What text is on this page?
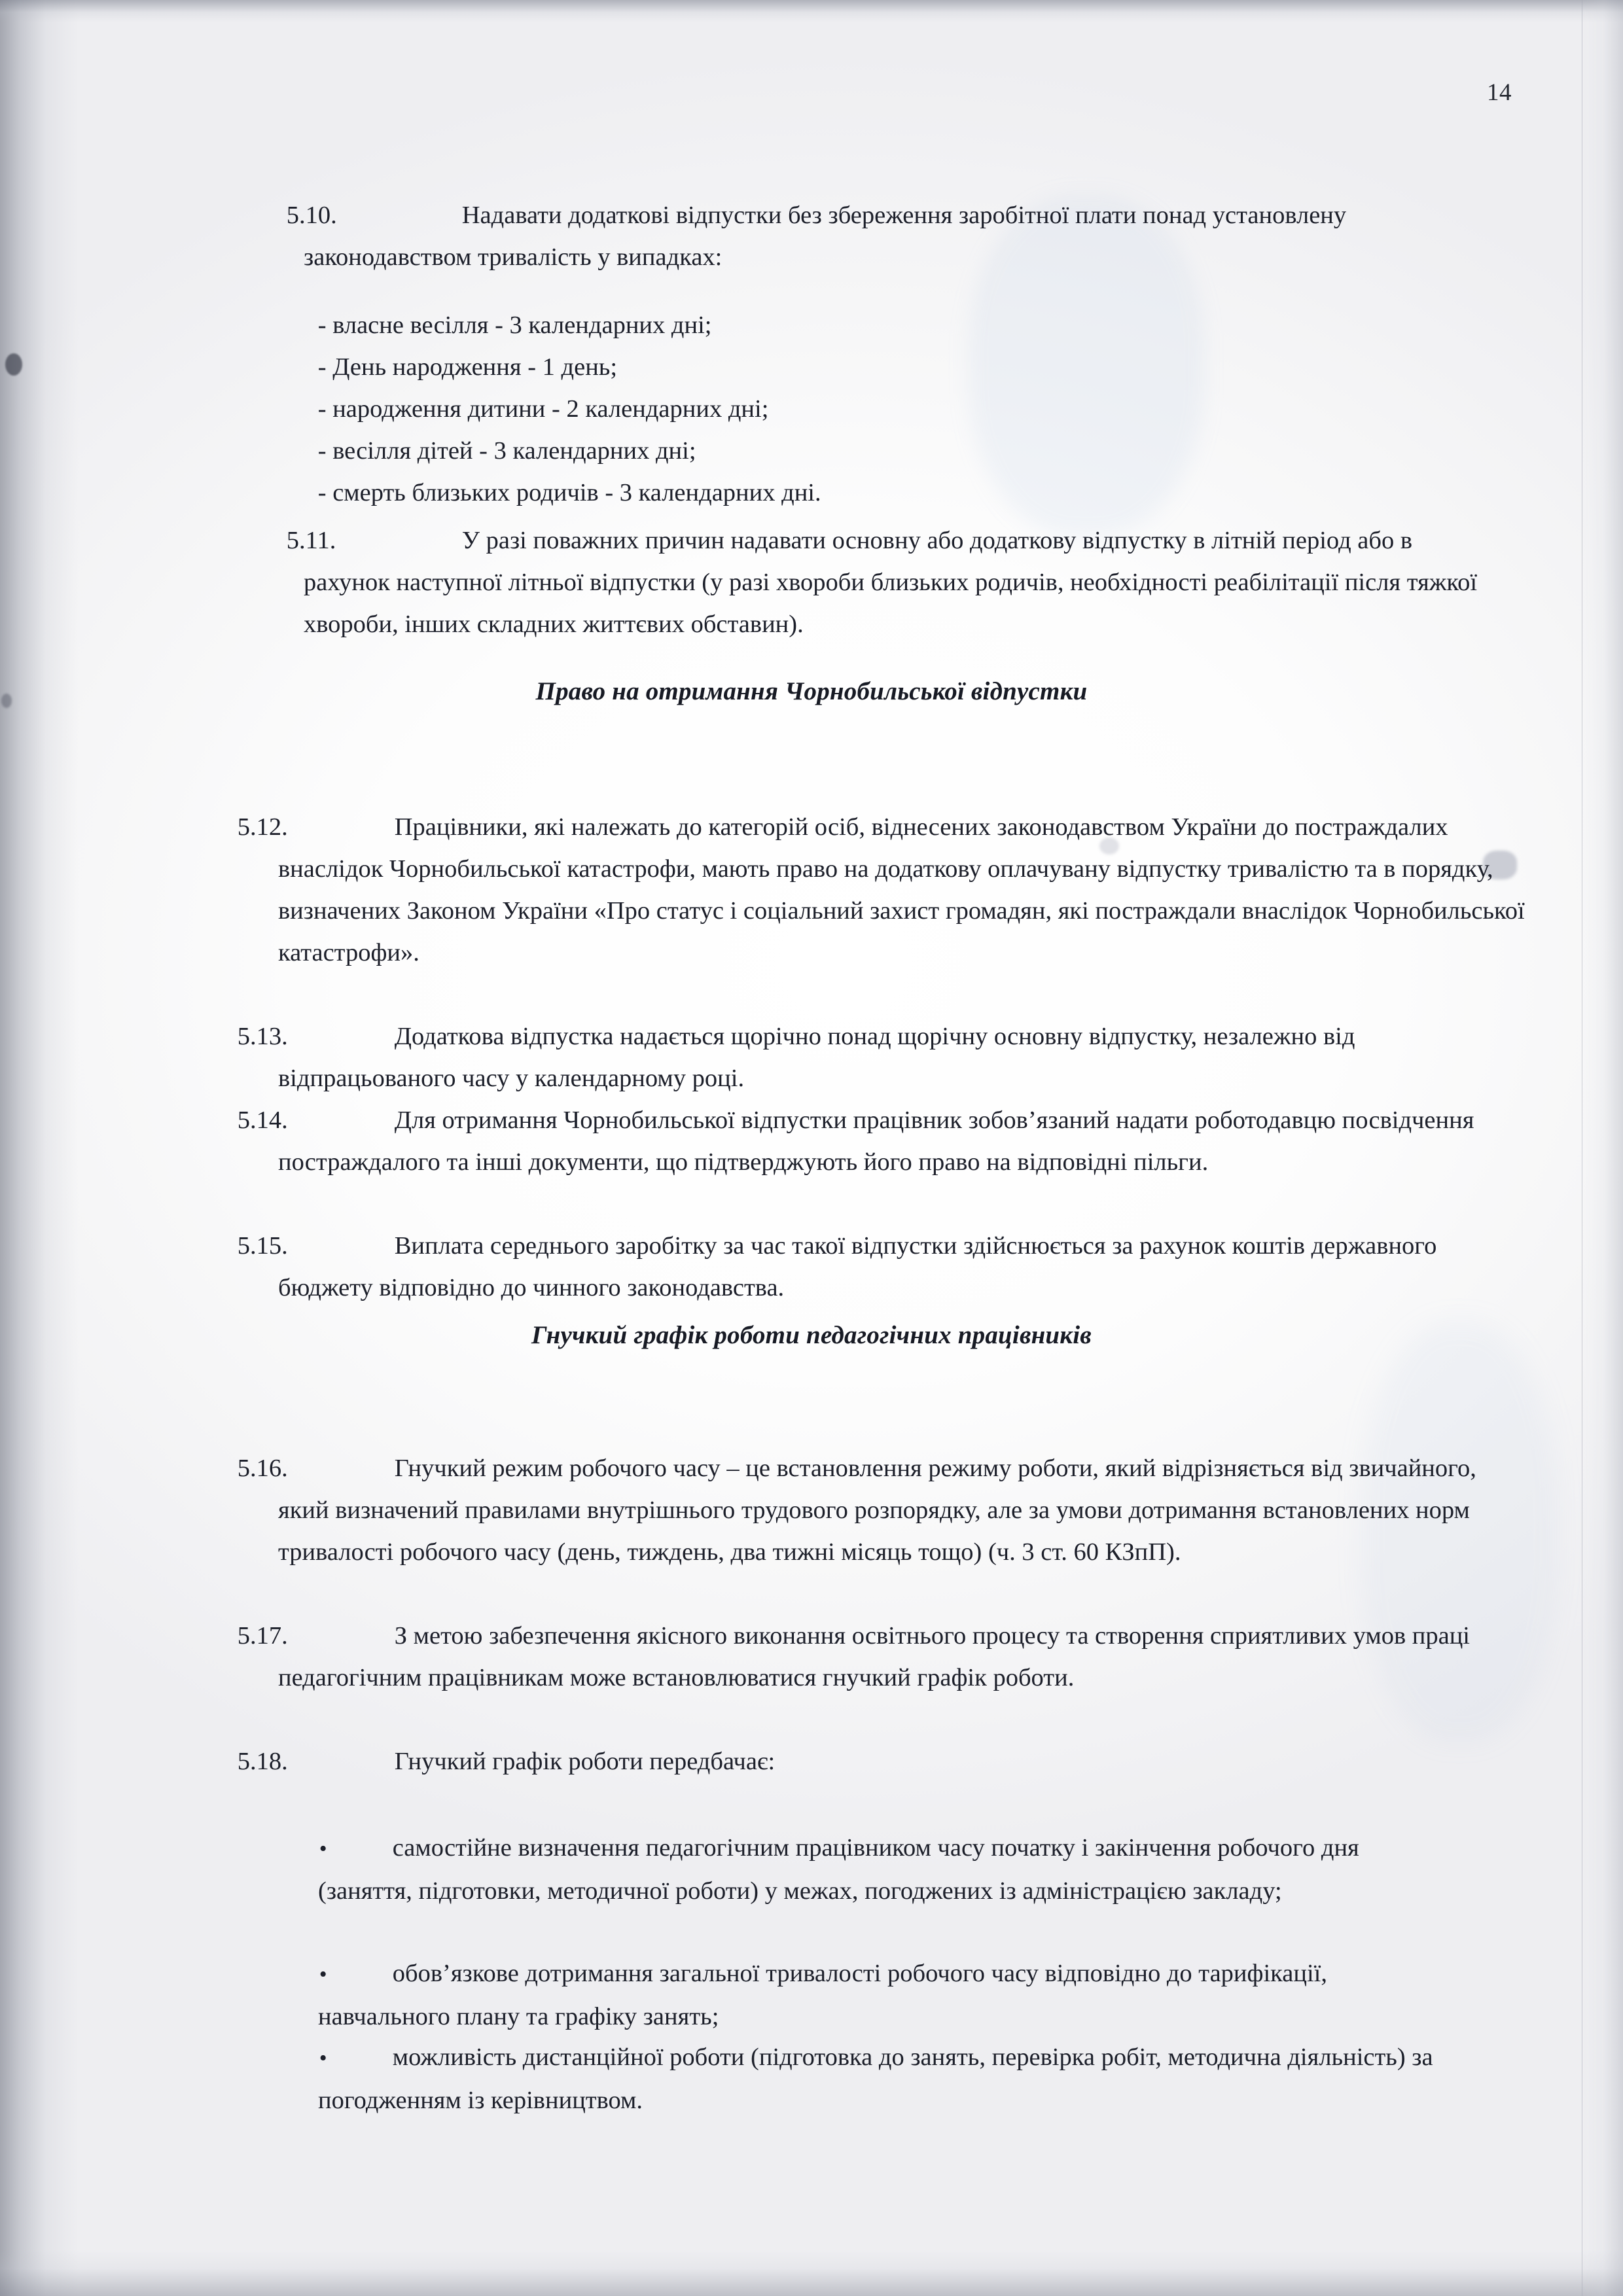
14

5.10.	Надавати додаткові відпустки без збереження заробітної плати понад установлену законодавством тривалість у випадках:

- власне весілля - 3 календарних дні;

- День народження - 1 день;

- народження дитини - 2 календарних дні;

- весілля дітей - 3 календарних дні;

- смерть близьких родичів - 3 календарних дні.

5.11.	У разі поважних причин надавати основну або додаткову відпустку в літній період або в рахунок наступної літньої відпустки (у разі хвороби близьких родичів, необхідності реабілітації після тяжкої хвороби, інших складних життєвих обставин).

Право на отримання Чорнобильської відпустки

5.12.	Працівники, які належать до категорій осіб, віднесених законодавством України до постраждалих внаслідок Чорнобильської катастрофи, мають право на додаткову оплачувану відпустку тривалістю та в порядку, визначених Законом України «Про статус і соціальний захист громадян, які постраждали внаслідок Чорнобильської катастрофи».

5.13.	Додаткова відпустка надається щорічно понад щорічну основну відпустку, незалежно від відпрацьованого часу у календарному році.

5.14.	Для отримання Чорнобильської відпустки працівник зобов’язаний надати роботодавцю посвідчення постраждалого та інші документи, що підтверджують його право на відповідні пільги.

5.15.	Виплата середнього заробітку за час такої відпустки здійснюється за рахунок коштів державного бюджету відповідно до чинного законодавства.

Гнучкий графік роботи педагогічних працівників

5.16.	Гнучкий режим робочого часу – це встановлення режиму роботи, який відрізняється від звичайного, який визначений правилами внутрішнього трудового розпорядку, але за умови дотримання встановлених норм тривалості робочого часу (день, тиждень, два тижні місяць тощо) (ч. 3 ст. 60 КЗпП).

5.17.	З метою забезпечення якісного виконання освітнього процесу та створення сприятливих умов праці педагогічним працівникам може встановлюватися гнучкий графік роботи.

5.18.	Гнучкий графік роботи передбачає:

•	самостійне визначення педагогічним працівником часу початку і закінчення робочого дня (заняття, підготовки, методичної роботи) у межах, погоджених із адміністрацією закладу;

•	обов’язкове дотримання загальної тривалості робочого часу відповідно до тарифікації, навчального плану та графіку занять;

•	можливість дистанційної роботи (підготовка до занять, перевірка робіт, методична діяльність) за погодженням із керівництвом.
